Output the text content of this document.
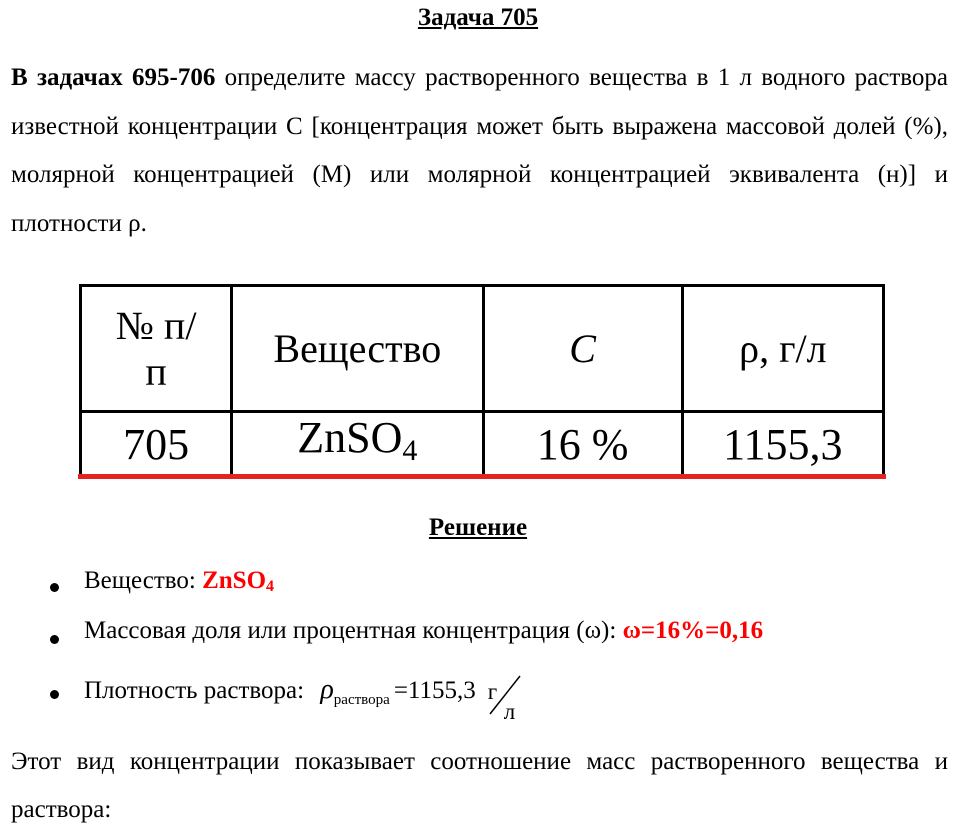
Задача 705
В задачах 695-706 определите массу растворенного вещества в 1 л водного раствора известной концентрации С [концентрация может быть выражена массовой долей (%), молярной концентрацией (М) или молярной концентрацией эквивалента (н)] и плотности ρ.
№ п/п	Вещество	C	ρ, г/л
705	ZnSO$_4$	16 %	1155,3
Решение
Вещество: ZnSO$_4$
Массовая доля или процентная концентрация (ω): ω=16%=0,16
Плотность раствора: $\rho_{раствора} =1155,3$ г
л
Этот вид концентрации показывает соотношение масс растворенного вещества и раствора:
